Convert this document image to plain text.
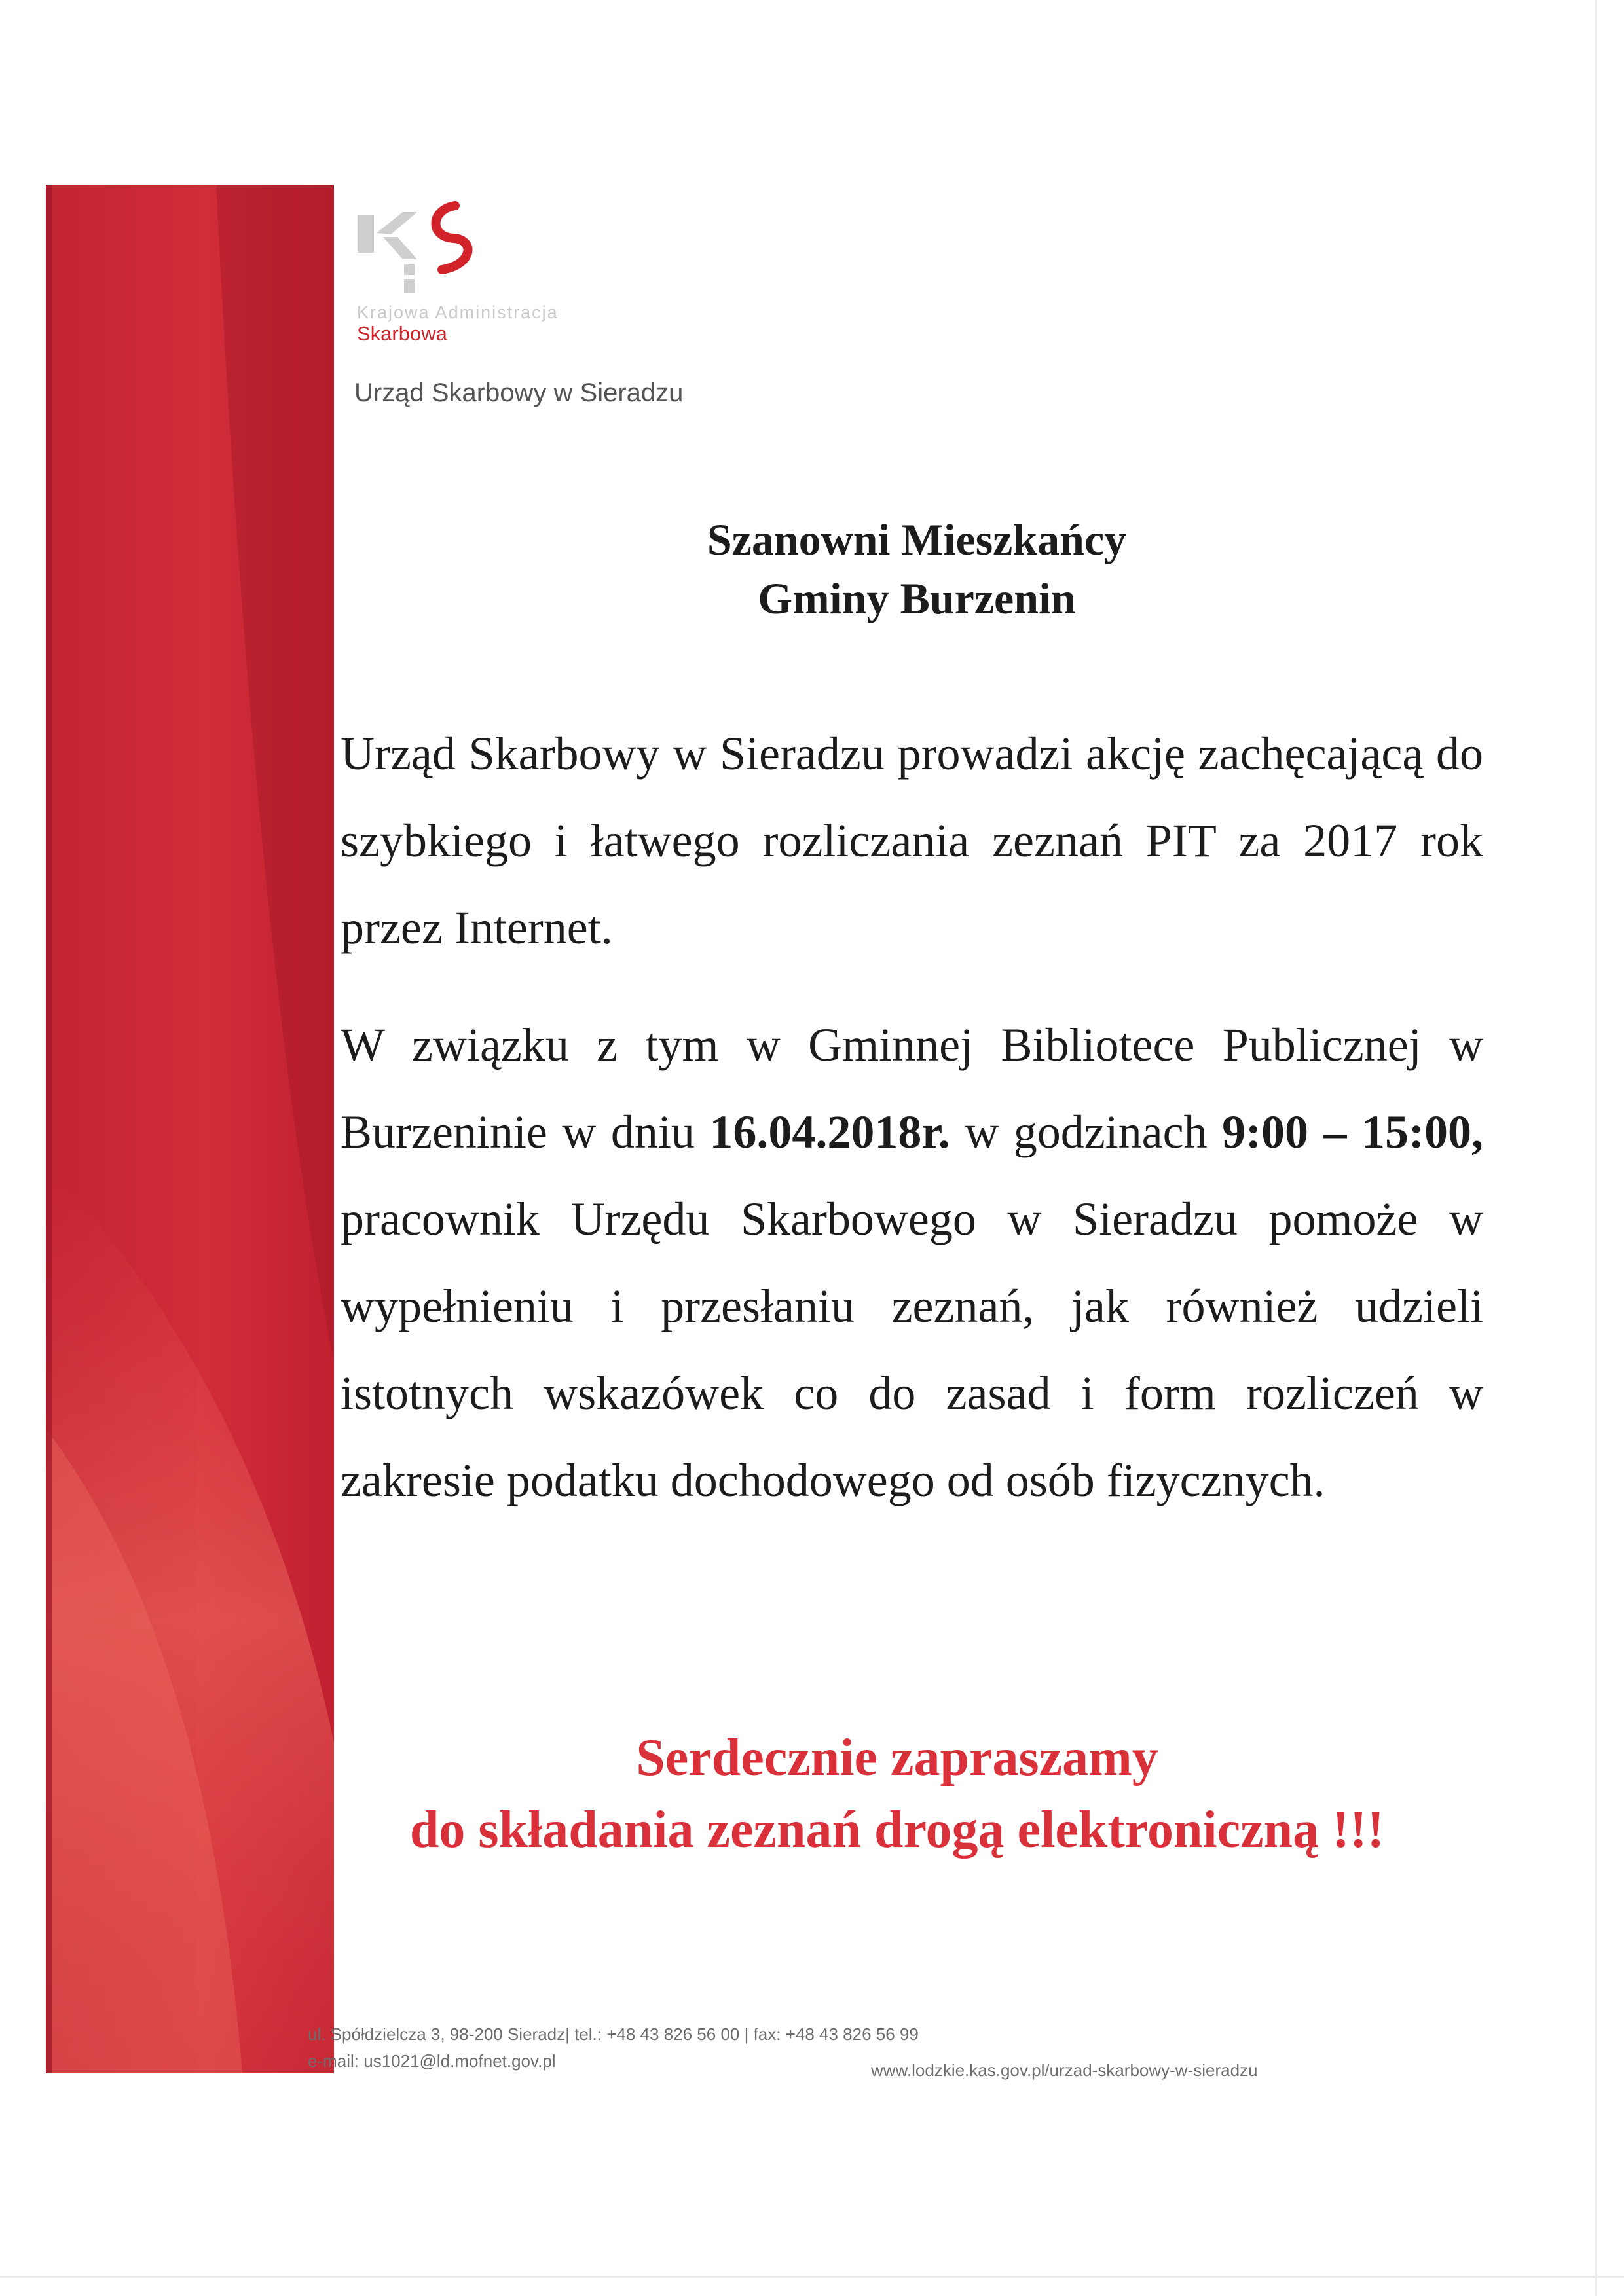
Krajowa Administracja
Skarbowa
Urząd Skarbowy w Sieradzu
Szanowni Mieszkańcy
Gminy Burzenin
Urząd Skarbowy w Sieradzu prowadzi akcję zachęcającą do szybkiego i łatwego rozliczania zeznań PIT za 2017 rok przez Internet.
W związku z tym w Gminnej Bibliotece Publicznej w Burzeninie w dniu 16.04.2018r. w godzinach 9:00 – 15:00, pracownik Urzędu Skarbowego w Sieradzu pomoże w wypełnieniu i przesłaniu zeznań, jak również udzieli istotnych wskazówek co do zasad i form rozliczeń w zakresie podatku dochodowego od osób fizycznych.
Serdecznie zapraszamy
do składania zeznań drogą elektroniczną !!!
ul. Spółdzielcza 3, 98-200 Sieradz| tel.: +48 43 826 56 00 | fax: +48 43 826 56 99
e-mail: us1021@ld.mofnet.gov.pl	www.lodzkie.kas.gov.pl/urzad-skarbowy-w-sieradzu
